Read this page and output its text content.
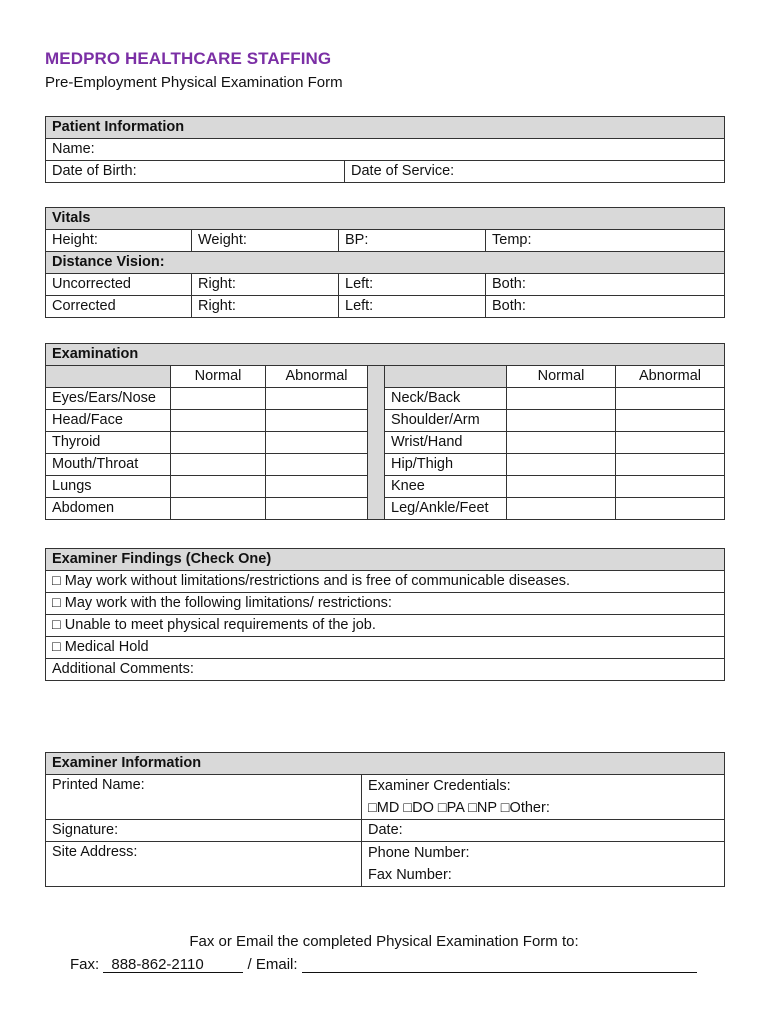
MEDPRO HEALTHCARE STAFFING
Pre-Employment Physical Examination Form
Patient Information
Name:
Date of Birth:	Date of Service:
Vitals			
Height:	Weight:	BP:	Temp:
Distance Vision:			
Uncorrected	Right:	Left:	Both:
Corrected	Right:	Left:	Both:
Examination						
	Normal	Abnormal			Normal	Abnormal
Eyes/Ears/Nose				Neck/Back		
Head/Face				Shoulder/Arm		
Thyroid				Wrist/Hand		
Mouth/Throat				Hip/Thigh		
Lungs				Knee		
Abdomen				Leg/Ankle/Feet		
Examiner Findings (Check One)
□ May work without limitations/restrictions and is free of communicable diseases.
□ May work with the following limitations/ restrictions:
□ Unable to meet physical requirements of the job.
□ Medical Hold
Additional Comments:
Examiner Information	
Printed Name:	Examiner Credentials:
□MD □DO □PA □NP □Other:

Signature:	Date:
Site Address:	Phone Number:
Fax Number:
Fax or Email the completed Physical Examination Form to:
Fax: 888-862-2110	/ Email:
